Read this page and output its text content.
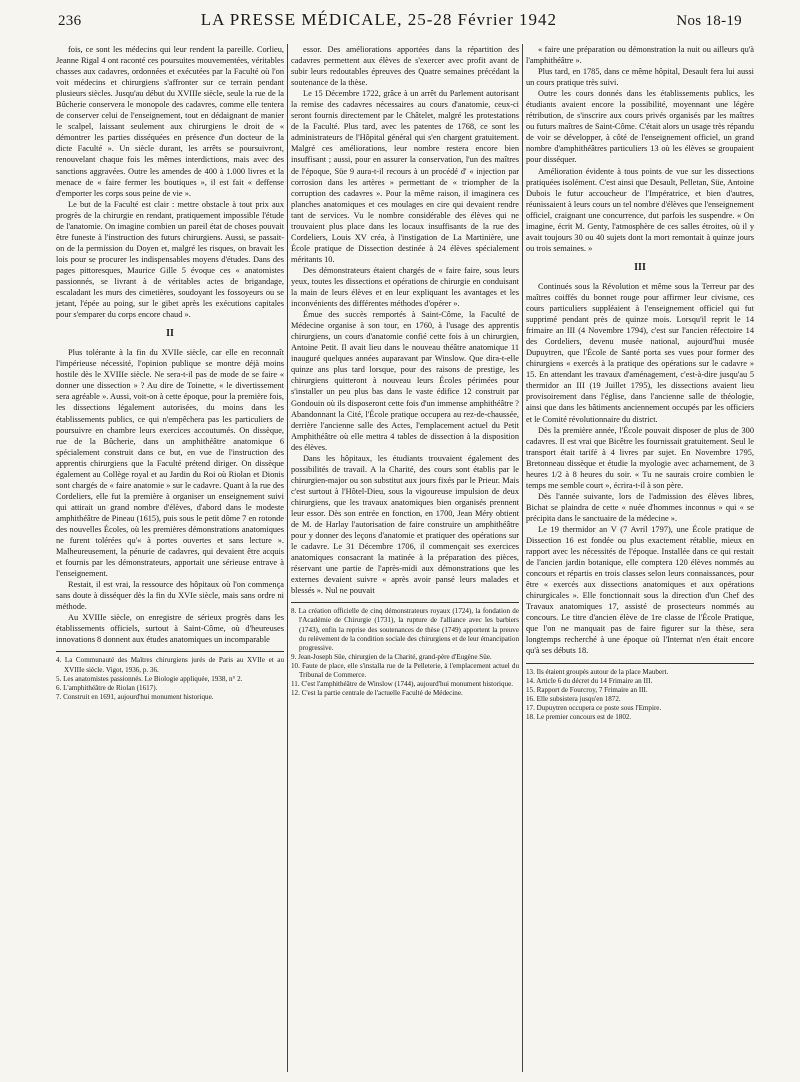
236	LA PRESSE MÉDICALE, 25-28 Février 1942	Nos 18-19

fois, ce sont les médecins qui leur rendent la pareille. Corlieu, Jeanne Rigal 4 ont raconté ces poursuites mouvementées, véritables chasses aux cadavres, ordonnées et exécutées par la Faculté où l'on voit médecins et chirurgiens s'affronter sur ce terrain pendant plusieurs siècles. Jusqu'au début du XVIIIe siècle, seule la rue de la Bûcherie conservera le monopole des cadavres, comme elle tentera de conserver celui de l'enseignement, tout en dédaignant de manier le scalpel, laissant seulement aux chirurgiens le droit de « démontrer les parties disséquées en présence d'un docteur de la dicte Faculté ». Un siècle durant, les arrêts se poursuivront, renouvelant chaque fois les mêmes interdictions, mais avec des sanctions aggravées. Outre les amendes de 400 à 1.000 livres et la menace de « faire fermer les boutiques », il est fait « deffense d'emporter les corps sous peine de vie ».

Le but de la Faculté est clair : mettre obstacle à tout prix aux progrès de la chirurgie en rendant, pratiquement impossible l'étude de l'anatomie. On imagine combien un pareil état de choses pouvait être funeste à l'instruction des futurs chirurgiens. Aussi, se passait-on de la permission du Doyen et, malgré les risques, on bravait les lois pour se procurer les indispensables moyens d'études. Dans des pages pittoresques, Maurice Gille 5 évoque ces « anatomistes passionnés, se livrant à de véritables actes de brigandage, escaladant les murs des cimetières, soudoyant les fossoyeurs ou se jetant, l'épée au poing, sur le gibet après les exécutions capitales pour s'emparer du corps encore chaud ».

II

Plus tolérante à la fin du XVIIe siècle, car elle en reconnaît l'impérieuse nécessité, l'opinion publique se montre déjà moins hostile dès le XVIIIe siècle. Ne sera-t-il pas de mode de se faire « donner une dissection » ? Au dire de Toinette, « le divertissement sera agréable ». Aussi, voit-on à cette époque, pour la première fois, les dissections légalement autorisées, du moins dans les établissements publics, ce qui n'empêchera pas les particuliers de poursuivre en chambre leurs exercices accoutumés. On dissèque, rue de la Bûcherie, dans un amphithéâtre anatomique 6 spécialement construit dans ce but, en vue de l'instruction des apprentis chirurgiens que la Faculté prétend diriger. On dissèque également au Collège royal et au Jardin du Roi où Riolan et Dionis sont chargés de « faire anatomie » sur le cadavre. Quant à la rue des Cordeliers, elle fut la première à organiser un enseignement suivi qui attirait un grand nombre d'élèves, d'abord dans le modeste amphithéâtre de Pineau (1615), puis sous le petit dôme 7 en rotonde des nouvelles Écoles, où les premières démonstrations anatomiques ne furent tolérées qu'« à portes ouvertes et sans lecture ». Malheureusement, la pénurie de cadavres, qui devaient être acquis et fournis par les démonstrateurs, apportait une sérieuse entrave à l'enseignement.

Restait, il est vrai, la ressource des hôpitaux où l'on commença sans doute à disséquer dès la fin du XVIe siècle, mais sans ordre ni méthode.

Au XVIIIe siècle, on enregistre de sérieux progrès dans les établissements officiels, surtout à Saint-Côme, où d'heureuses innovations 8 donnent aux études anatomiques un incomparable

4. La Communauté des Maîtres chirurgiens jurés de Paris au XVIIe et au XVIIIe siècle. Vigot, 1936, p. 36.

5. Les anatomistes passionnés. Le Biologie appliquée, 1938, n° 2.

6. L'amphithéâtre de Riolan (1617).

7. Construit en 1691, aujourd'hui monument historique.

essor. Des améliorations apportées dans la répartition des cadavres permettent aux élèves de s'exercer avec profit avant de subir leurs redoutables épreuves des Quatre semaines précédant la soutenance de la thèse.

Le 15 Décembre 1722, grâce à un arrêt du Parlement autorisant la remise des cadavres nécessaires au cours d'anatomie, ceux-ci seront fournis directement par le Châtelet, malgré les protestations de la Faculté. Plus tard, avec les patentes de 1768, ce sont les administrateurs de l'Hôpital général qui s'en chargent gratuitement. Malgré ces améliorations, leur nombre restera encore bien insuffisant ; aussi, pour en assurer la conservation, l'un des maîtres de l'époque, Süe 9 aura-t-il recours à un procédé d' « injection par corrosion dans les artères » permettant de « triompher de la corruption des cadavres ». Pour la même raison, il imaginera ces planches anatomiques et ces moulages en cire qui devaient rendre tant de services. Vu le nombre considérable des élèves qui ne trouvaient plus place dans les locaux insuffisants de la rue des Cordeliers, Louis XV créa, à l'instigation de La Martinière, une École pratique de Dissection destinée à 24 élèves spécialement méritants 10.

Des démonstrateurs étaient chargés de « faire faire, sous leurs yeux, toutes les dissections et opérations de chirurgie en conduisant la main de leurs élèves et en leur expliquant les avantages et les inconvénients des différentes méthodes d'opérer ».

Émue des succès remportés à Saint-Côme, la Faculté de Médecine organise à son tour, en 1760, à l'usage des apprentis chirurgiens, un cours d'anatomie confié cette fois à un chirurgien, Antoine Petit. Il avait lieu dans le nouveau théâtre anatomique 11 inauguré quelques années auparavant par Winslow. Que dira-t-elle quinze ans plus tard lorsque, pour des raisons de prestige, les chirurgiens quitteront à nouveau leurs Écoles périmées pour s'installer un peu plus bas dans le vaste édifice 12 construit par Gondouin où ils disposeront cette fois d'un immense amphithéâtre ? Abandonnant la Cité, l'École pratique occupera au rez-de-chaussée, derrière l'ancienne salle des Actes, l'emplacement actuel du Petit Amphithéâtre où elle mettra 4 tables de dissection à la disposition des élèves.

Dans les hôpitaux, les étudiants trouvaient également des possibilités de travail. A la Charité, des cours sont établis par le chirurgien-major ou son substitut aux jours fixés par le Prieur. Mais c'est surtout à l'Hôtel-Dieu, sous la vigoureuse impulsion de deux chirurgiens, que les travaux anatomiques bien organisés prennent leur essor. Dès son entrée en fonction, en 1700, Jean Méry obtient de M. de Harlay l'autorisation de faire construire un amphithéâtre pour y donner des leçons d'anatomie et pratiquer des opérations sur le cadavre. Le 31 Décembre 1706, il commençait ses exercices anatomiques consacrant la matinée à la préparation des pièces, réservant une partie de l'après-midi aux démonstrations que les externes devaient suivre « après avoir pansé leurs malades et blessés ». Nul ne pouvait

8. La création officielle de cinq démonstrateurs royaux (1724), la fondation de l'Académie de Chirurgie (1731), la rupture de l'alliance avec les barbiers (1743), enfin la reprise des soutenances de thèse (1749) apportent la preuve du relèvement de la condition sociale des chirurgiens et de leur émancipation progressive.

9. Jean-Joseph Süe, chirurgien de la Charité, grand-père d'Eugène Süe.

10. Faute de place, elle s'installa rue de la Pelleterie, à l'emplacement actuel du Tribunal de Commerce.

11. C'est l'amphithéâtre de Winslow (1744), aujourd'hui monument historique.

12. C'est la partie centrale de l'actuelle Faculté de Médecine.

« faire une préparation ou démonstration la nuit ou ailleurs qu'à l'amphithéâtre ».

Plus tard, en 1785, dans ce même hôpital, Desault fera lui aussi un cours pratique très suivi.

Outre les cours donnés dans les établissements publics, les étudiants avaient encore la possibilité, moyennant une légère rétribution, de s'inscrire aux cours privés organisés par les maîtres ou futurs maîtres de Saint-Côme. C'était alors un usage très répandu de voir se développer, à côté de l'enseignement officiel, un grand nombre d'amphithéâtres particuliers 13 où les élèves se groupaient pour disséquer.

Amélioration évidente à tous points de vue sur les dissections pratiquées isolément. C'est ainsi que Desault, Pelletan, Süe, Antoine Dubois le futur accoucheur de l'Impératrice, et bien d'autres, réunissaient à leurs cours un tel nombre d'élèves que l'enseignement officiel, craignant une concurrence, dut parfois les suspendre. « On imagine, écrit M. Genty, l'atmosphère de ces salles étroites, où il y avait toujours 30 ou 40 sujets dont la mort remontait à quinze jours ou trois semaines. »

III

Continués sous la Révolution et même sous la Terreur par des maîtres coiffés du bonnet rouge pour affirmer leur civisme, ces cours particuliers suppléaient à l'enseignement officiel qui fut supprimé pendant près de quinze mois. Lorsqu'il reprit le 14 frimaire an III (4 Novembre 1794), c'est sur l'ancien réfectoire 14 des Cordeliers, devenu musée national, aujourd'hui musée Dupuytren, que l'École de Santé porta ses vues pour former des chirurgiens « exercés à la pratique des opérations sur le cadavre » 15. En attendant les travaux d'aménagement, c'est-à-dire jusqu'au 5 thermidor an III (19 Juillet 1795), les dissections avaient lieu provisoirement dans l'église, dans l'ancienne salle de théologie, ainsi que dans les bâtiments anciennement occupés par les officiers et le Comité révolutionnaire du district.

Dès la première année, l'École pouvait disposer de plus de 300 cadavres. Il est vrai que Bicêtre les fournissait gratuitement. Seul le transport était tarifé à 4 livres par sujet. En Novembre 1795, Bretonneau dissèque et étudie la myologie avec acharnement, de 3 heures 1/2 à 8 heures du soir. « Tu ne saurais croire combien le temps me semble court », écrira-t-il à son père.

Dès l'année suivante, lors de l'admission des élèves libres, Bichat se plaindra de cette « nuée d'hommes inconnus » qui « se précipita dans le sanctuaire de la médecine ».

Le 19 thermidor an V (7 Avril 1797), une École pratique de Dissection 16 est fondée ou plus exactement rétablie, mieux en rapport avec les nécessités de l'époque. Installée dans ce qui restait de l'ancien jardin botanique, elle comptera 120 élèves nommés au concours et répartis en trois classes selon leurs connaissances, pour être « exercés aux dissections anatomiques et aux opérations chirurgicales ». Elle fonctionnait sous la direction d'un Chef des Travaux anatomiques 17, assisté de prosecteurs nommés au concours. Le titre d'ancien élève de 1re classe de l'École Pratique, que l'on ne manquait pas de faire figurer sur la thèse, sera longtemps recherché à une époque où l'Internat n'en était encore qu'à ses débuts 18.

13. Ils étaient groupés autour de la place Maubert.

14. Article 6 du décret du 14 Frimaire an III.

15. Rapport de Fourcroy, 7 Frimaire an III.

16. Elle subsistera jusqu'en 1872.

17. Dupuytren occupera ce poste sous l'Empire.

18. Le premier concours est de 1802.
